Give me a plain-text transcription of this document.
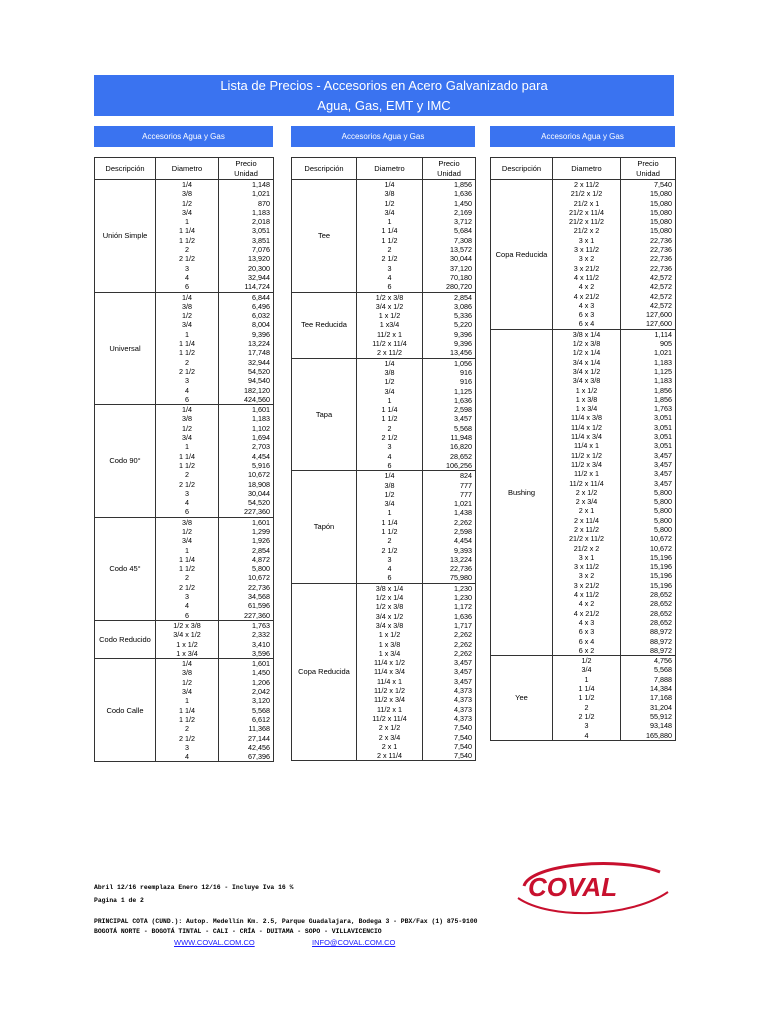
Lista de Precios - Accesorios en Acero Galvanizado para
Agua, Gas, EMT y IMC
Accesorios Agua y Gas	Accesorios Agua y Gas	Accesorios Agua y Gas
Descripción	Diametro	Precio
Unidad

Unión Simple	1/4	1,148
	3/8	1,021
	1/2	870
	3/4	1,183
	1	2,018
	1 1/4	3,051
	1 1/2	3,851
	2	7,076
	2 1/2	13,920
	3	20,300
	4	32,944
	6	114,724
Universal	1/4	6,844
	3/8	6,496
	1/2	6,032
	3/4	8,004
	1	9,396
	1 1/4	13,224
	1 1/2	17,748
	2	32,944
	2 1/2	54,520
	3	94,540
	4	182,120
	6	424,560
Codo 90°	1/4	1,601
	3/8	1,183
	1/2	1,102
	3/4	1,694
	1	2,703
	1 1/4	4,454
	1 1/2	5,916
	2	10,672
	2 1/2	18,908
	3	30,044
	4	54,520
	6	227,360
Codo 45°	3/8	1,601
	1/2	1,299
	3/4	1,926
	1	2,854
	1 1/4	4,872
	1 1/2	5,800
	2	10,672
	2 1/2	22,736
	3	34,568
	4	61,596
	6	227,360
Codo Reducido	1/2 x 3/8	1,763
	3/4 x 1/2	2,332
	1 x 1/2	3,410
	1 x 3/4	3,596
Codo Calle	1/4	1,601
	3/8	1,450
	1/2	1,206
	3/4	2,042
	1	3,120
	1 1/4	5,568
	1 1/2	6,612
	2	11,368
	2 1/2	27,144
	3	42,456
	4	67,396
Descripción	Diametro	Precio
Unidad

Tee	1/4	1,856
	3/8	1,636
	1/2	1,450
	3/4	2,169
	1	3,712
	1 1/4	5,684
	1 1/2	7,308
	2	13,572
	2 1/2	30,044
	3	37,120
	4	70,180
	6	280,720
Tee Reducida	1/2 x 3/8	2,854
	3/4 x 1/2	3,086
	1 x 1/2	5,336
	1 x3/4	5,220
	11/2 x 1	9,396
	11/2 x 11/4	9,396
	2 x 11/2	13,456
Tapa	1/4	1,056
	3/8	916
	1/2	916
	3/4	1,125
	1	1,636
	1 1/4	2,598
	1 1/2	3,457
	2	5,568
	2 1/2	11,948
	3	16,820
	4	28,652
	6	106,256
Tapón	1/4	824
	3/8	777
	1/2	777
	3/4	1,021
	1	1,438
	1 1/4	2,262
	1 1/2	2,598
	2	4,454
	2 1/2	9,393
	3	13,224
	4	22,736
	6	75,980
Copa Reducida	3/8 x 1/4	1,230
	1/2 x 1/4	1,230
	1/2 x 3/8	1,172
	3/4 x 1/2	1,636
	3/4 x 3/8	1,717
	1 x 1/2	2,262
	1 x 3/8	2,262
	1 x 3/4	2,262
	11/4 x 1/2	3,457
	11/4 x 3/4	3,457
	11/4 x 1	3,457
	11/2 x 1/2	4,373
	11/2 x 3/4	4,373
	11/2 x 1	4,373
	11/2 x 11/4	4,373
	2 x 1/2	7,540
	2 x 3/4	7,540
	2 x 1	7,540
	2 x 11/4	7,540
Descripción	Diametro	Precio
Unidad

Copa Reducida	2 x 11/2	7,540
	21/2 x 1/2	15,080
	21/2 x 1	15,080
	21/2 x 11/4	15,080
	21/2 x 11/2	15,080
	21/2 x 2	15,080
	3 x 1	22,736
	3 x 11/2	22,736
	3 x 2	22,736
	3 x 21/2	22,736
	4 x 11/2	42,572
	4 x 2	42,572
	4 x 21/2	42,572
	4 x 3	42,572
	6 x 3	127,600
	6 x 4	127,600
Bushing	3/8 x 1/4	1,114
	1/2 x 3/8	905
	1/2 x 1/4	1,021
	3/4 x 1/4	1,183
	3/4 x 1/2	1,125
	3/4 x 3/8	1,183
	1 x 1/2	1,856
	1 x 3/8	1,856
	1 x 3/4	1,763
	11/4 x 3/8	3,051
	11/4 x 1/2	3,051
	11/4 x 3/4	3,051
	11/4 x 1	3,051
	11/2 x 1/2	3,457
	11/2 x 3/4	3,457
	11/2 x 1	3,457
	11/2 x 11/4	3,457
	2 x 1/2	5,800
	2 x 3/4	5,800
	2 x 1	5,800
	2 x 11/4	5,800
	2 x 11/2	5,800
	21/2 x 11/2	10,672
	21/2 x 2	10,672
	3 x 1	15,196
	3 x 11/2	15,196
	3 x 2	15,196
	3 x 21/2	15,196
	4 x 11/2	28,652
	4 x 2	28,652
	4 x 21/2	28,652
	4 x 3	28,652
	6 x 3	88,972
	6 x 4	88,972
	6 x 2	88,972
Yee	1/2	4,756
	3/4	5,568
	1	7,888
	1 1/4	14,384
	1 1/2	17,168
	2	31,204
	2 1/2	55,912
	3	93,148
	4	165,880
Abril 12/16 reemplaza Enero 12/16 - Incluye Iva 16 %
Pagina 1 de 2
PRINCIPAL COTA (CUND.): Autop. Medellín Km. 2.5, Parque Guadalajara, Bodega 3 - PBX/Fax (1) 875-9100
BOGOTÁ NORTE - BOGOTÁ TINTAL - CALI - CRÍA - DUITAMA - SOPO - VILLAVICENCIO
WWW.COVAL.COM.CO	INFO@COVAL.COM.CO
COVAL
